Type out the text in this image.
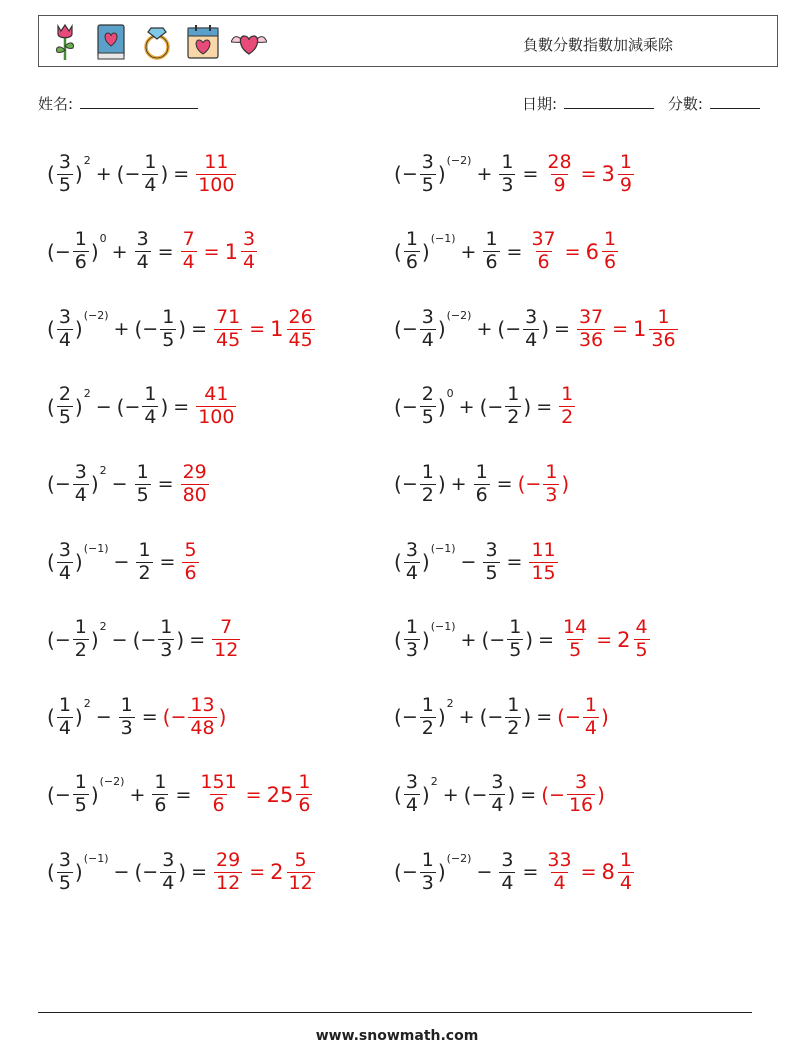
負數分數指數加減乘除
姓名:	日期:	分數:
( $\frac{3}{5}$ )
2
+ ( − $\frac{1}{4}$ ) = $\frac{11}{100}$
( − $\frac{1}{6}$ )
0
+ $\frac{3}{4} = \frac{7}{4} = 1 \frac{3}{4}$
( $\frac{3}{4}$ )
(−2)
+ ( − $\frac{1}{5}$ ) = $\frac{71}{45} = 1 \frac{26}{45}$
( $\frac{2}{5}$ )
2
− ( − $\frac{1}{4}$ ) = $\frac{41}{100}$
( − $\frac{3}{4}$ )
2
− $\frac{1}{5} = \frac{29}{80}$
( $\frac{3}{4}$ )
(−1)
− $\frac{1}{2} = \frac{5}{6}$
( − $\frac{1}{2}$ )
2
− ( − $\frac{1}{3}$ ) = $\frac{7}{12}$
( $\frac{1}{4}$ )
2
− $\frac{1}{3}$ = ( − $\frac{13}{48}$ )
( − $\frac{1}{5}$ )
(−2)
+ $\frac{1}{6} = \frac{151}{6} = 25 \frac{1}{6}$
( $\frac{3}{5}$ )
(−1)
− ( − $\frac{3}{4}$ ) = $\frac{29}{12} = 2 \frac{5}{12}$
( − $\frac{3}{5}$ )
(−2)
+ $\frac{1}{3} = \frac{28}{9} = 3 \frac{1}{9}$
( $\frac{1}{6}$ )
(−1)
+ $\frac{1}{6} = \frac{37}{6} = 6 \frac{1}{6}$
( − $\frac{3}{4}$ )
(−2)
+ ( − $\frac{3}{4}$ ) = $\frac{37}{36} = 1 \frac{1}{36}$
( − $\frac{2}{5}$ )
0
+ ( − $\frac{1}{2}$ ) = $\frac{1}{2}$
( − $\frac{1}{2}$ ) + $\frac{1}{6}$ = ( − $\frac{1}{3}$ )
( $\frac{3}{4}$ )
(−1)
− $\frac{3}{5} = \frac{11}{15}$
( $\frac{1}{3}$ )
(−1)
+ ( − $\frac{1}{5}$ ) = $\frac{14}{5} = 2 \frac{4}{5}$
( − $\frac{1}{2}$ )
2
+ ( − $\frac{1}{2}$ ) = ( − $\frac{1}{4}$ )
( $\frac{3}{4}$ )
2
+ ( − $\frac{3}{4}$ ) = ( − $\frac{3}{16}$ )
( − $\frac{1}{3}$ )
(−2)
− $\frac{3}{4} = \frac{33}{4} = 8 \frac{1}{4}$
www.snowmath.com
